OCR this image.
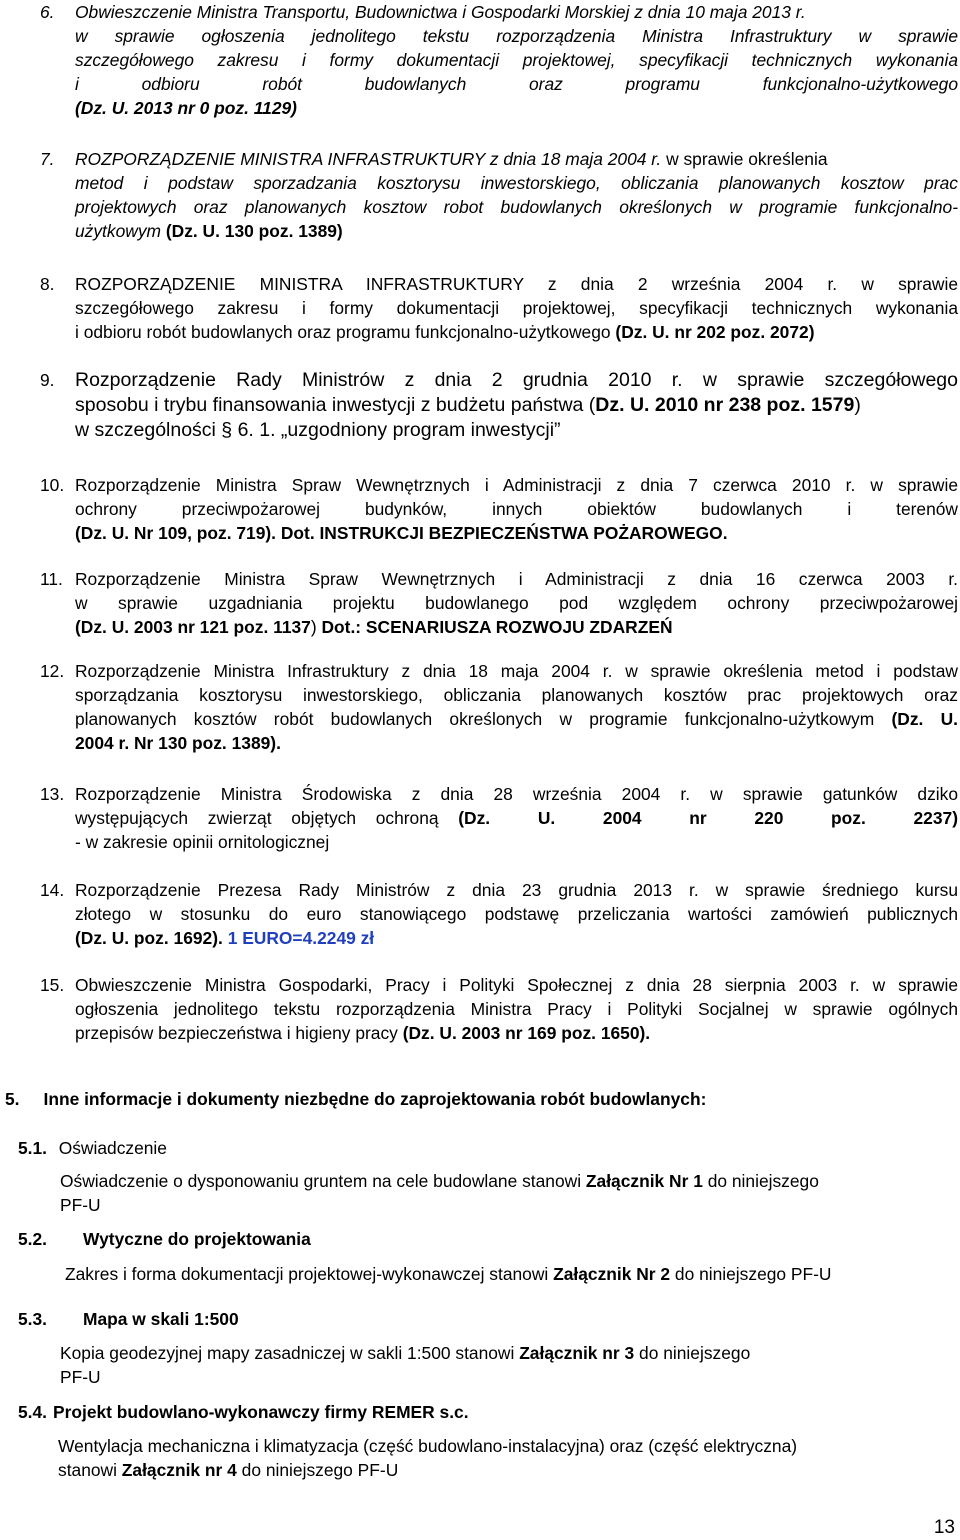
6. Obwieszczenie Ministra Transportu, Budownictwa i Gospodarki Morskiej z dnia 10 maja 2013 r.
w sprawie ogłoszenia jednolitego tekstu rozporządzenia Ministra Infrastruktury w sprawie
szczegółowego zakresu i formy dokumentacji projektowej, specyfikacji technicznych wykonania
i odbioru robót budowlanych oraz programu funkcjonalno-użytkowego
(Dz. U. 2013 nr 0 poz. 1129)
7. ROZPORZĄDZENIE MINISTRA INFRASTRUKTURY z dnia 18 maja 2004 r. w sprawie określenia
metod i podstaw sporzadzania kosztorysu inwestorskiego, obliczania planowanych kosztow prac
projektowych oraz planowanych kosztow robot budowlanych określonych w programie funkcjonalno-
użytkowym (Dz. U. 130 poz. 1389)
8. ROZPORZĄDZENIE MINISTRA INFRASTRUKTURY z dnia 2 września 2004 r. w sprawie
szczegółowego zakresu i formy dokumentacji projektowej, specyfikacji technicznych wykonania
i odbioru robót budowlanych oraz programu funkcjonalno-użytkowego (Dz. U. nr 202 poz. 2072)
9. Rozporządzenie Rady Ministrów z dnia 2 grudnia 2010 r. w sprawie szczegółowego
sposobu i trybu finansowania inwestycji z budżetu państwa (Dz. U. 2010 nr 238 poz. 1579)
w szczególności § 6. 1. „uzgodniony program inwestycji”
10. Rozporządzenie Ministra Spraw Wewnętrznych i Administracji z dnia 7 czerwca 2010 r. w sprawie
ochrony przeciwpożarowej budynków, innych obiektów budowlanych i terenów
(Dz. U. Nr 109, poz. 719). Dot. INSTRUKCJI BEZPIECZEŃSTWA POŻAROWEGO.
11. Rozporządzenie Ministra Spraw Wewnętrznych i Administracji z dnia 16 czerwca 2003 r.
w sprawie uzgadniania projektu budowlanego pod względem ochrony przeciwpożarowej
(Dz. U. 2003 nr 121 poz. 1137) Dot.: SCENARIUSZA ROZWOJU ZDARZEŃ
12. Rozporządzenie Ministra Infrastruktury z dnia 18 maja 2004 r. w sprawie określenia metod i podstaw
sporządzania kosztorysu inwestorskiego, obliczania planowanych kosztów prac projektowych oraz
planowanych kosztów robót budowlanych określonych w programie funkcjonalno-użytkowym (Dz. U.
2004 r. Nr 130 poz. 1389).
13. Rozporządzenie Ministra Środowiska z dnia 28 września 2004 r. w sprawie gatunków dziko
występujących zwierząt objętych ochroną (Dz. U. 2004 nr 220 poz. 2237)
- w zakresie opinii ornitologicznej
14. Rozporządzenie Prezesa Rady Ministrów z dnia 23 grudnia 2013 r. w sprawie średniego kursu
złotego w stosunku do euro stanowiącego podstawę przeliczania wartości zamówień publicznych
(Dz. U. poz. 1692). 1 EURO=4.2249 zł
15. Obwieszczenie Ministra Gospodarki, Pracy i Polityki Społecznej z dnia 28 sierpnia 2003 r. w sprawie
ogłoszenia jednolitego tekstu rozporządzenia Ministra Pracy i Polityki Socjalnej w sprawie ogólnych
przepisów bezpieczeństwa i higieny pracy (Dz. U. 2003 nr 169 poz. 1650).
5. Inne informacje i dokumenty niezbędne do zaprojektowania robót budowlanych:
5.1. Oświadczenie
Oświadczenie o dysponowaniu gruntem na cele budowlane stanowi Załącznik Nr 1 do niniejszego
PF-U
5.2. Wytyczne do projektowania
Zakres i forma dokumentacji projektowej-wykonawczej stanowi Załącznik Nr 2 do niniejszego PF-U
5.3. Mapa w skali 1:500
Kopia geodezyjnej mapy zasadniczej w sakli 1:500 stanowi Załącznik nr 3 do niniejszego
PF-U
5.4. Projekt budowlano-wykonawczy firmy REMER s.c.
Wentylacja mechaniczna i klimatyzacja (część budowlano-instalacyjna) oraz (część elektryczna)
stanowi Załącznik nr 4 do niniejszego PF-U
13
